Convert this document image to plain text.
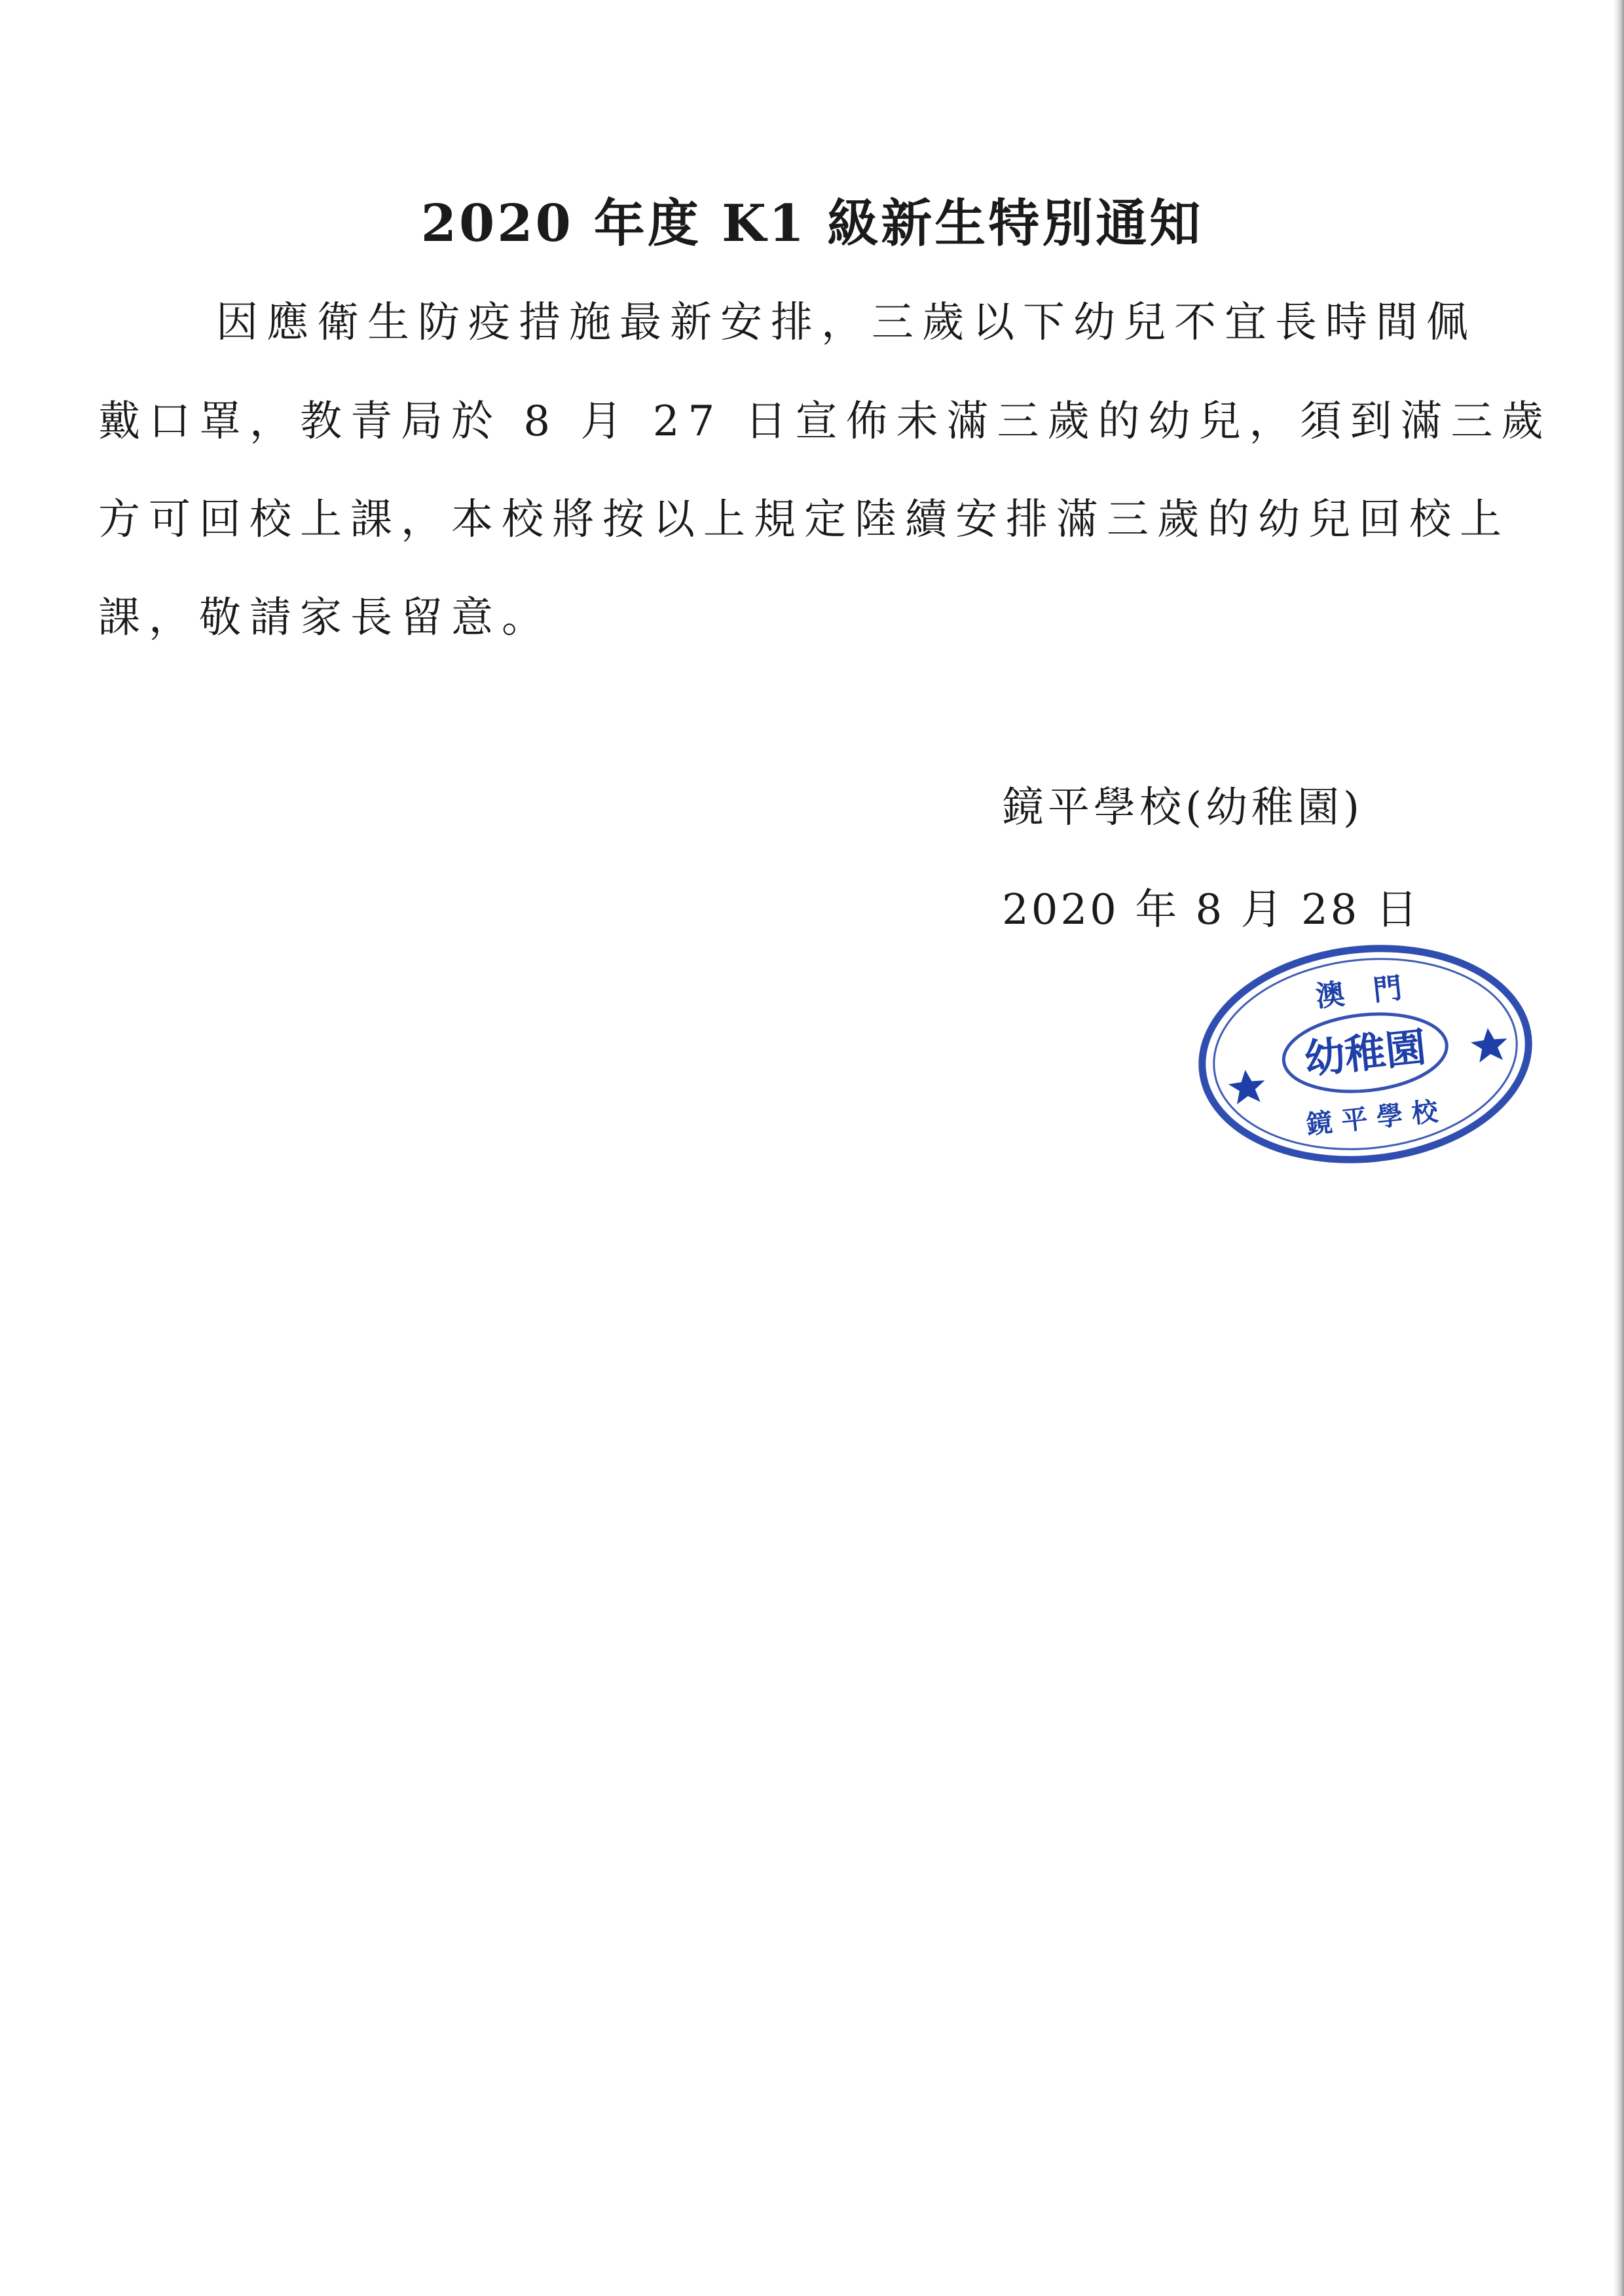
2020 年度 K1 級新生特別通知
因應衛生防疫措施最新安排，三歲以下幼兒不宜長時間佩
戴口罩，教青局於 8 月 27 日宣佈未滿三歲的幼兒，須到滿三歲
方可回校上課，本校將按以上規定陸續安排滿三歲的幼兒回校上
課，敬請家長留意。
鏡平學校(幼稚園)
2020 年 8 月 28 日
澳　門
幼稚園
鏡 平 學 校
